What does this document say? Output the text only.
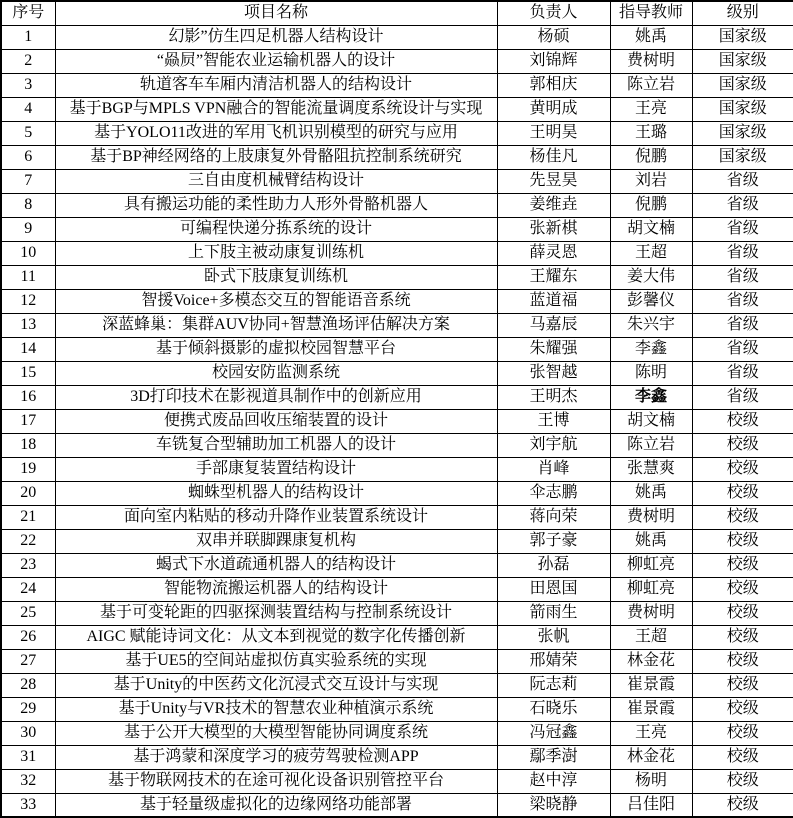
序号	项目名称	负责人	指导教师	级别
1	幻影”仿生四足机器人结构设计	杨硕	姚禹	国家级
2	“赑屃”智能农业运输机器人的设计	刘锦辉	费树明	国家级
3	轨道客车车厢内清洁机器人的结构设计	郭相庆	陈立岩	国家级
4	基于BGP与MPLS VPN融合的智能流量调度系统设计与实现	黄明成	王亮	国家级
5	基于YOLO11改进的军用飞机识别模型的研究与应用	王明昊	王璐	国家级
6	基于BP神经网络的上肢康复外骨骼阻抗控制系统研究	杨佳凡	倪鹏	国家级
7	三自由度机械臂结构设计	先昱昊	刘岩	省级
8	具有搬运功能的柔性助力人形外骨骼机器人	姜维垚	倪鹏	省级
9	可编程快递分拣系统的设计	张新棋	胡文楠	省级
10	上下肢主被动康复训练机	薛灵恩	王超	省级
11	卧式下肢康复训练机	王耀东	姜大伟	省级
12	智援Voice+多模态交互的智能语音系统	蓝道福	彭馨仪	省级
13	深蓝蜂巢：集群AUV协同+智慧渔场评估解决方案	马嘉辰	朱兴宇	省级
14	基于倾斜摄影的虚拟校园智慧平台	朱耀强	李鑫	省级
15	校园安防监测系统	张智越	陈明	省级
16	3D打印技术在影视道具制作中的创新应用	王明杰	李鑫	省级
17	便携式废品回收压缩装置的设计	王博	胡文楠	校级
18	车铣复合型辅助加工机器人的设计	刘宇航	陈立岩	校级
19	手部康复装置结构设计	肖峰	张慧爽	校级
20	蜘蛛型机器人的结构设计	伞志鹏	姚禹	校级
21	面向室内粘贴的移动升降作业装置系统设计	蒋向荣	费树明	校级
22	双串并联脚踝康复机构	郭子豪	姚禹	校级
23	蝎式下水道疏通机器人的结构设计	孙磊	柳虹亮	校级
24	智能物流搬运机器人的结构设计	田恩国	柳虹亮	校级
25	基于可变轮距的四驱探测装置结构与控制系统设计	箭雨生	费树明	校级
26	AIGC 赋能诗词文化：从文本到视觉的数字化传播创新	张帆	王超	校级
27	基于UE5的空间站虚拟仿真实验系统的实现	邢婧荣	林金花	校级
28	基于Unity的中医药文化沉浸式交互设计与实现	阮志莉	崔景霞	校级
29	基于Unity与VR技术的智慧农业种植演示系统	石晓乐	崔景霞	校级
30	基于公开大模型的大模型智能协同调度系统	冯冠鑫	王亮	校级
31	基于鸿蒙和深度学习的疲劳驾驶检测APP	鄢季澍	林金花	校级
32	基于物联网技术的在途可视化设备识别管控平台	赵中淳	杨明	校级
33	基于轻量级虚拟化的边缘网络功能部署	梁晓静	吕佳阳	校级
